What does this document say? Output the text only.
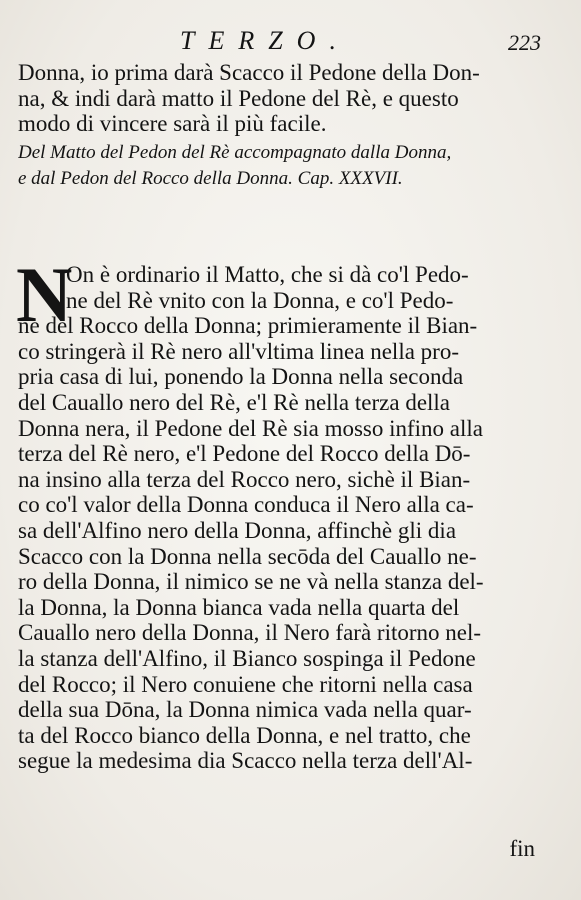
TERZO.	223
Donna, io prima darà Scacco il Pedone della Don-
na, & indi darà matto il Pedone del Rè, e questo
modo di vincere sarà il più facile.
Del Matto del Pedon del Rè accompagnato dalla Donna,
e dal Pedon del Rocco della Donna. Cap. XXXVII.
N
On è ordinario il Matto, che si dà co'l Pedo-
ne del Rè vnito con la Donna, e co'l Pedo-
ne del Rocco della Donna; primieramente il Bian-
co stringerà il Rè nero all'vltima linea nella pro-
pria casa di lui, ponendo la Donna nella seconda
del Cauallo nero del Rè, e'l Rè nella terza della
Donna nera, il Pedone del Rè sia mosso infino alla
terza del Rè nero, e'l Pedone del Rocco della Dō-
na insino alla terza del Rocco nero, sichè il Bian-
co co'l valor della Donna conduca il Nero alla ca-
sa dell'Alfino nero della Donna, affinchè gli dia
Scacco con la Donna nella secōda del Cauallo ne-
ro della Donna, il nimico se ne và nella stanza del-
la Donna, la Donna bianca vada nella quarta del
Cauallo nero della Donna, il Nero farà ritorno nel-
la stanza dell'Alfino, il Bianco sospinga il Pedone
del Rocco; il Nero conuiene che ritorni nella casa
della sua Dōna, la Donna nimica vada nella quar-
ta del Rocco bianco della Donna, e nel tratto, che
segue la medesima dia Scacco nella terza dell'Al-
fin
